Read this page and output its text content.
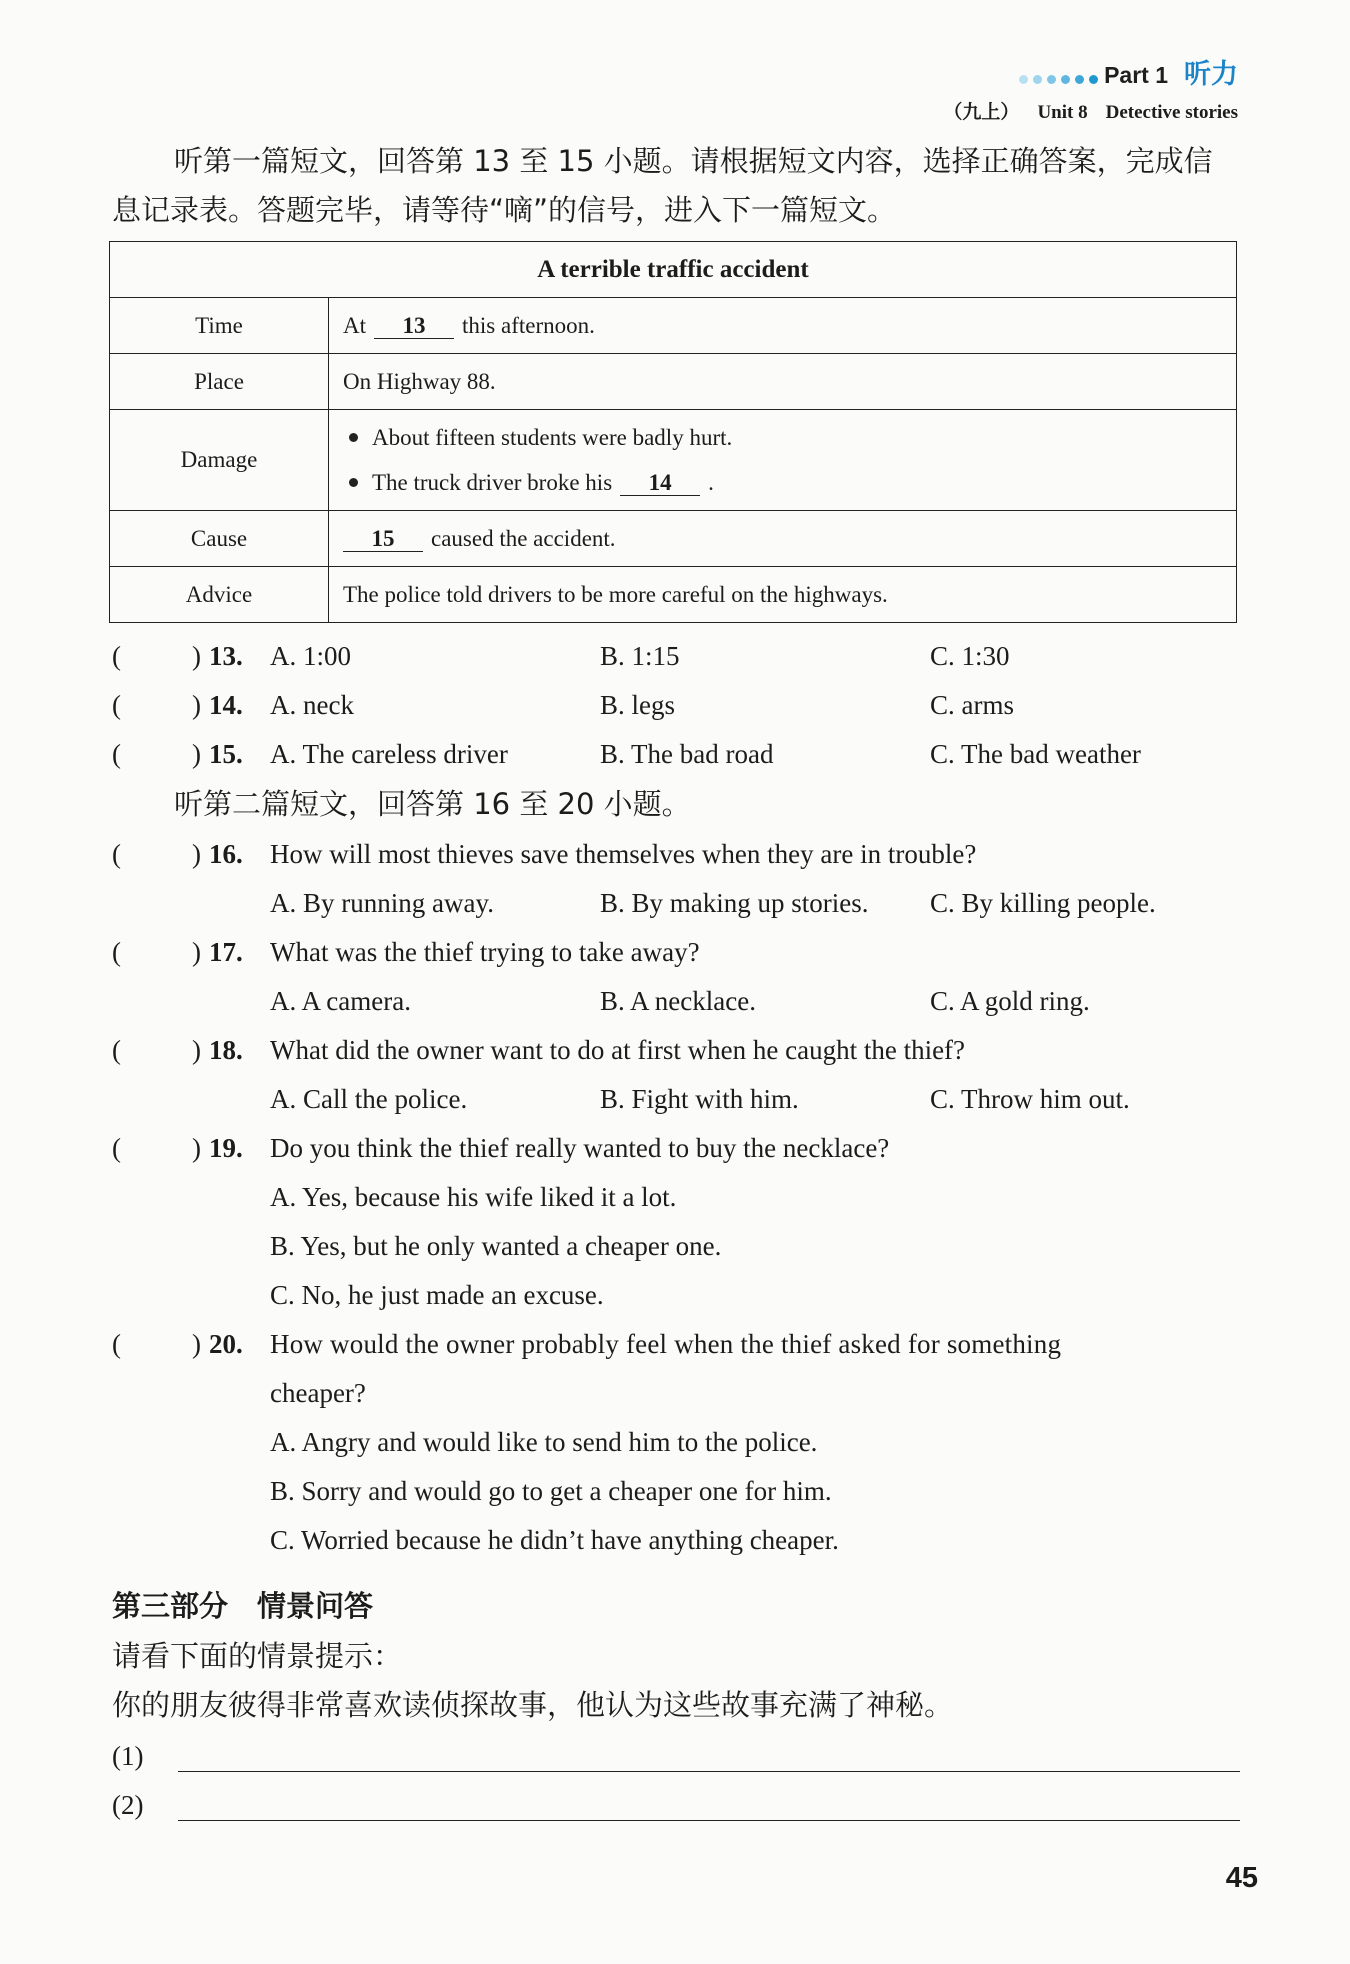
Part 1 听力
（九上） Unit 8 Detective stories
听第一篇短文，回答第 13 至 15 小题。请根据短文内容，选择正确答案，完成信息记录表。答题完毕，请等待“嘀”的信号，进入下一篇短文。
A terrible traffic accident	
Time	At 13 this afternoon.
Place	On Highway 88.
Damage	About fifteen students were badly hurt.
The truck driver broke his 14 .

Cause	15 caused the accident.
Advice	The police told drivers to be more careful on the highways.
(	) 13. A. 1:00	B. 1:15	C. 1:30
(	) 14. A. neck	B. legs	C. arms
(	) 15. A. The careless driver	B. The bad road	C. The bad weather
听第二篇短文，回答第 16 至 20 小题。
(	) 16. How will most thieves save themselves when they are in trouble?
A. By running away.	B. By making up stories. C. By killing people.
(	) 17. What was the thief trying to take away?
A. A camera.	B. A necklace.	C. A gold ring.
(	) 18. What did the owner want to do at first when he caught the thief?
A. Call the police.	B. Fight with him.	C. Throw him out.
(	) 19. Do you think the thief really wanted to buy the necklace?
A. Yes, because his wife liked it a lot.
B. Yes, but he only wanted a cheaper one.
C. No, he just made an excuse.
(	) 20. How would the owner probably feel when the thief asked for something
cheaper?
A. Angry and would like to send him to the police.
B. Sorry and would go to get a cheaper one for him.
C. Worried because he didn’t have anything cheaper.
第三部分　情景问答
请看下面的情景提示：
你的朋友彼得非常喜欢读侦探故事，他认为这些故事充满了神秘。
(1)
(2)
45
